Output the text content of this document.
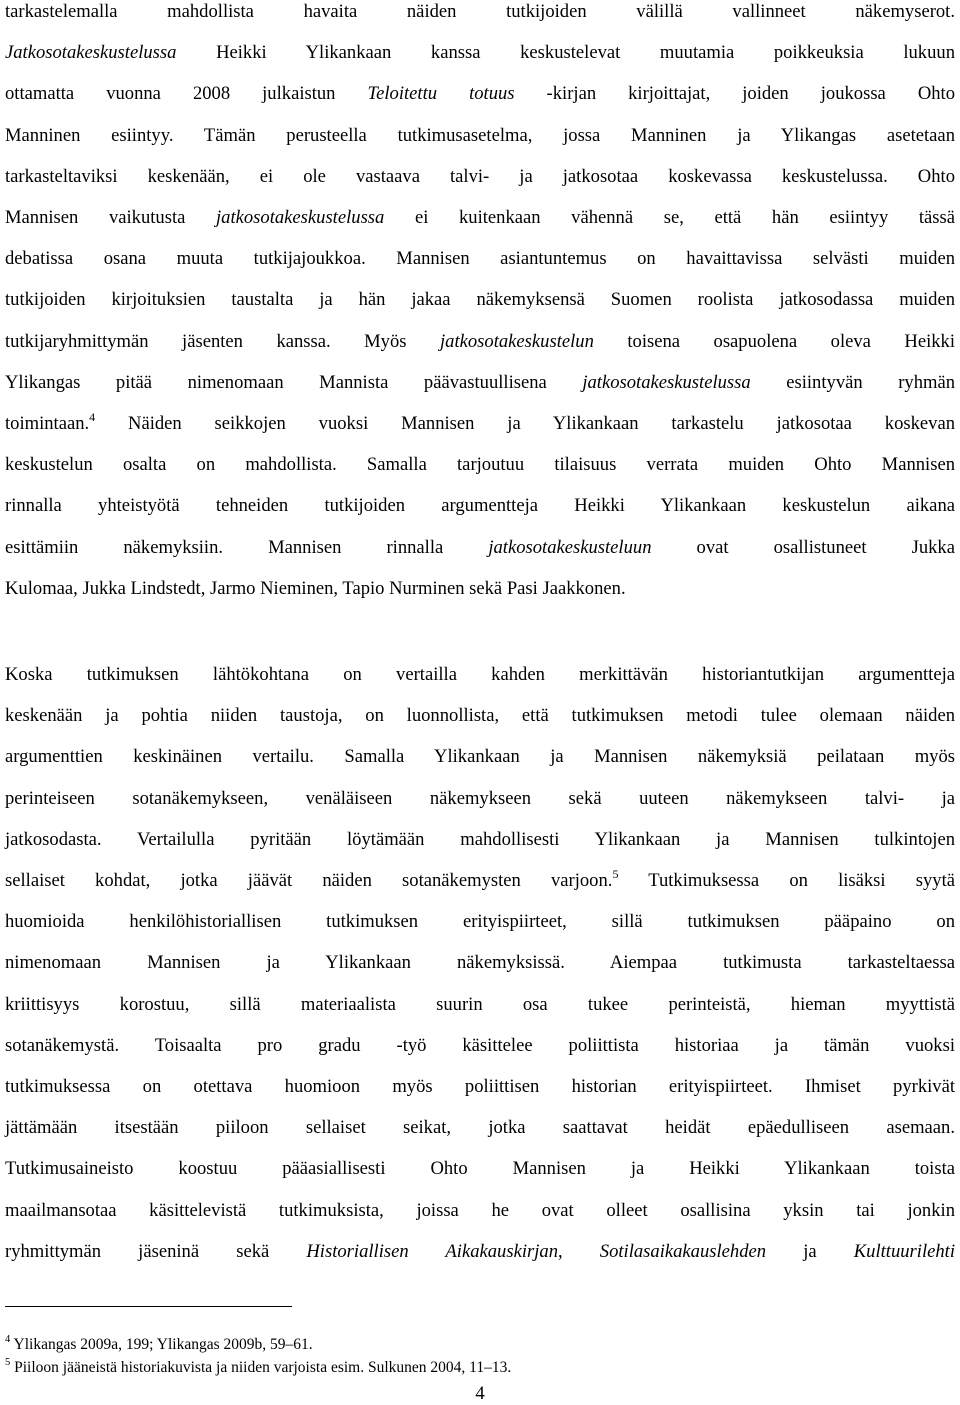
tarkastelemalla mahdollista havaita näiden tutkijoiden välillä vallinneet näkemyserot.
Jatkosotakeskustelussa Heikki Ylikankaan kanssa keskustelevat muutamia poikkeuksia lukuun
ottamatta vuonna 2008 julkaistun Teloitettu totuus -kirjan kirjoittajat, joiden joukossa Ohto
Manninen esiintyy. Tämän perusteella tutkimusasetelma, jossa Manninen ja Ylikangas asetetaan
tarkasteltaviksi keskenään, ei ole vastaava talvi- ja jatkosotaa koskevassa keskustelussa. Ohto
Mannisen vaikutusta jatkosotakeskustelussa ei kuitenkaan vähennä se, että hän esiintyy tässä
debatissa osana muuta tutkijajoukkoa. Mannisen asiantuntemus on havaittavissa selvästi muiden
tutkijoiden kirjoituksien taustalta ja hän jakaa näkemyksensä Suomen roolista jatkosodassa muiden
tutkijaryhmittymän jäsenten kanssa. Myös jatkosotakeskustelun toisena osapuolena oleva Heikki
Ylikangas pitää nimenomaan Mannista päävastuullisena jatkosotakeskustelussa esiintyvän ryhmän
toimintaan.$^4$ Näiden seikkojen vuoksi Mannisen ja Ylikankaan tarkastelu jatkosotaa koskevan
keskustelun osalta on mahdollista. Samalla tarjoutuu tilaisuus verrata muiden Ohto Mannisen
rinnalla yhteistyötä tehneiden tutkijoiden argumentteja Heikki Ylikankaan keskustelun aikana
esittämiin näkemyksiin. Mannisen rinnalla jatkosotakeskusteluun ovat osallistuneet Jukka
Kulomaa, Jukka Lindstedt, Jarmo Nieminen, Tapio Nurminen sekä Pasi Jaakkonen.
Koska tutkimuksen lähtökohtana on vertailla kahden merkittävän historiantutkijan argumentteja
keskenään ja pohtia niiden taustoja, on luonnollista, että tutkimuksen metodi tulee olemaan näiden
argumenttien keskinäinen vertailu. Samalla Ylikankaan ja Mannisen näkemyksiä peilataan myös
perinteiseen sotanäkemykseen, venäläiseen näkemykseen sekä uuteen näkemykseen talvi- ja
jatkosodasta. Vertailulla pyritään löytämään mahdollisesti Ylikankaan ja Mannisen tulkintojen
sellaiset kohdat, jotka jäävät näiden sotanäkemysten varjoon.$^5$ Tutkimuksessa on lisäksi syytä
huomioida henkilöhistoriallisen tutkimuksen erityispiirteet, sillä tutkimuksen pääpaino on
nimenomaan Mannisen ja Ylikankaan näkemyksissä. Aiempaa tutkimusta tarkasteltaessa
kriittisyys korostuu, sillä materiaalista suurin osa tukee perinteistä, hieman myyttistä
sotanäkemystä. Toisaalta pro gradu -työ käsittelee poliittista historiaa ja tämän vuoksi
tutkimuksessa on otettava huomioon myös poliittisen historian erityispiirteet. Ihmiset pyrkivät
jättämään itsestään piiloon sellaiset seikat, jotka saattavat heidät epäedulliseen asemaan.
Tutkimusaineisto koostuu pääasiallisesti Ohto Mannisen ja Heikki Ylikankaan toista
maailmansotaa käsittelevistä tutkimuksista, joissa he ovat olleet osallisina yksin tai jonkin
ryhmittymän jäseninä sekä Historiallisen Aikakauskirjan, Sotilasaikakauslehden ja Kulttuurilehti
$^4$ Ylikangas 2009a, 199; Ylikangas 2009b, 59–61.
$^5$ Piiloon jääneistä historiakuvista ja niiden varjoista esim. Sulkunen 2004, 11–13.
4
